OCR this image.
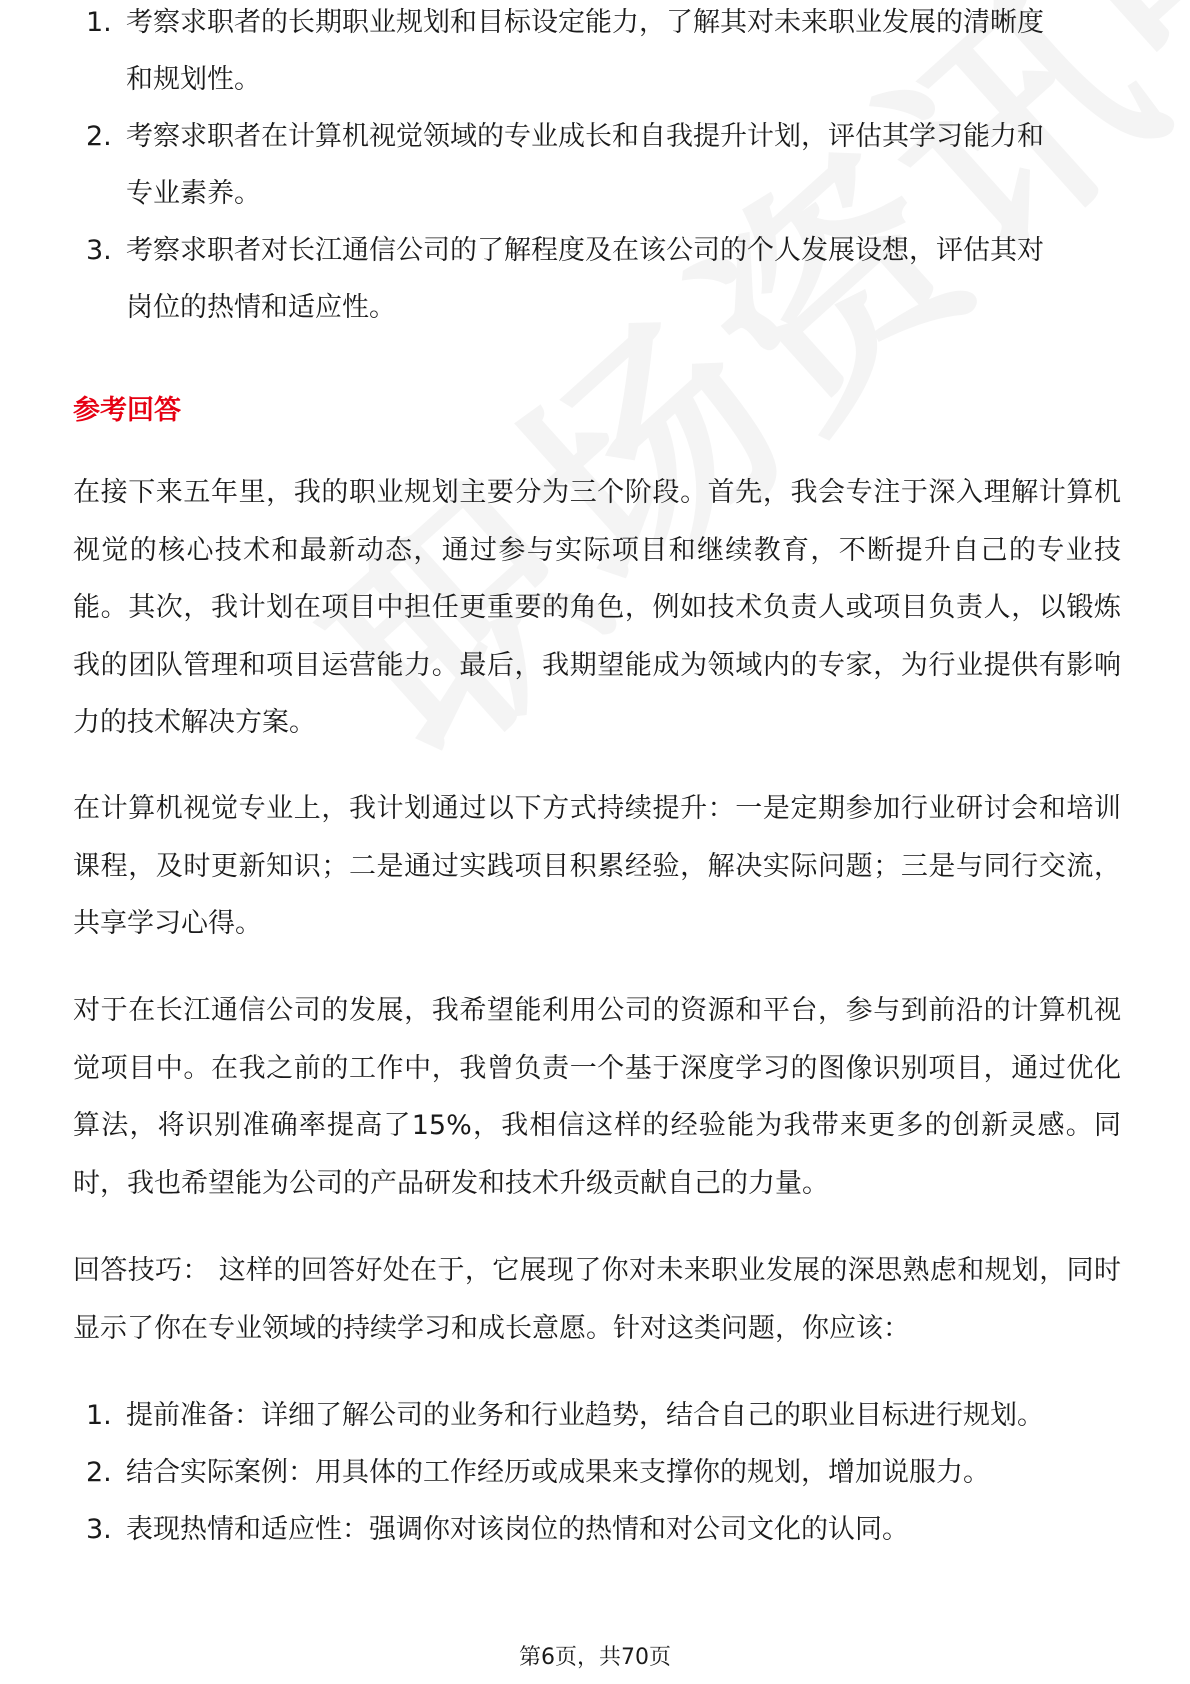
1. 考察求职者的长期职业规划和目标设定能力，了解其对未来职业发展的清晰度
和规划性。
2. 考察求职者在计算机视觉领域的专业成长和自我提升计划，评估其学习能力和
专业素养。
3. 考察求职者对长江通信公司的了解程度及在该公司的个人发展设想，评估其对
岗位的热情和适应性。
参考回答
在接下来五年里，我的职业规划主要分为三个阶段。首先，我会专注于深入理解计算机视觉的核心技术和最新动态，通过参与实际项目和继续教育，不断提升自己的专业技能。其次，我计划在项目中担任更重要的角色，例如技术负责人或项目负责人，以锻炼我的团队管理和项目运营能力。最后，我期望能成为领域内的专家，为行业提供有影响力的技术解决方案。
在计算机视觉专业上，我计划通过以下方式持续提升：一是定期参加行业研讨会和培训课程，及时更新知识；二是通过实践项目积累经验，解决实际问题；三是与同行交流，共享学习心得。
对于在长江通信公司的发展，我希望能利用公司的资源和平台，参与到前沿的计算机视觉项目中。在我之前的工作中，我曾负责一个基于深度学习的图像识别项目，通过优化算法，将识别准确率提高了15%，我相信这样的经验能为我带来更多的创新灵感。同时，我也希望能为公司的产品研发和技术升级贡献自己的力量。
回答技巧： 这样的回答好处在于，它展现了你对未来职业发展的深思熟虑和规划，同时显示了你在专业领域的持续学习和成长意愿。针对这类问题，你应该：
1. 提前准备：详细了解公司的业务和行业趋势，结合自己的职业目标进行规划。
2. 结合实际案例：用具体的工作经历或成果来支撑你的规划，增加说服力。
3. 表现热情和适应性：强调你对该岗位的热情和对公司文化的认同。
第6页，共70页
